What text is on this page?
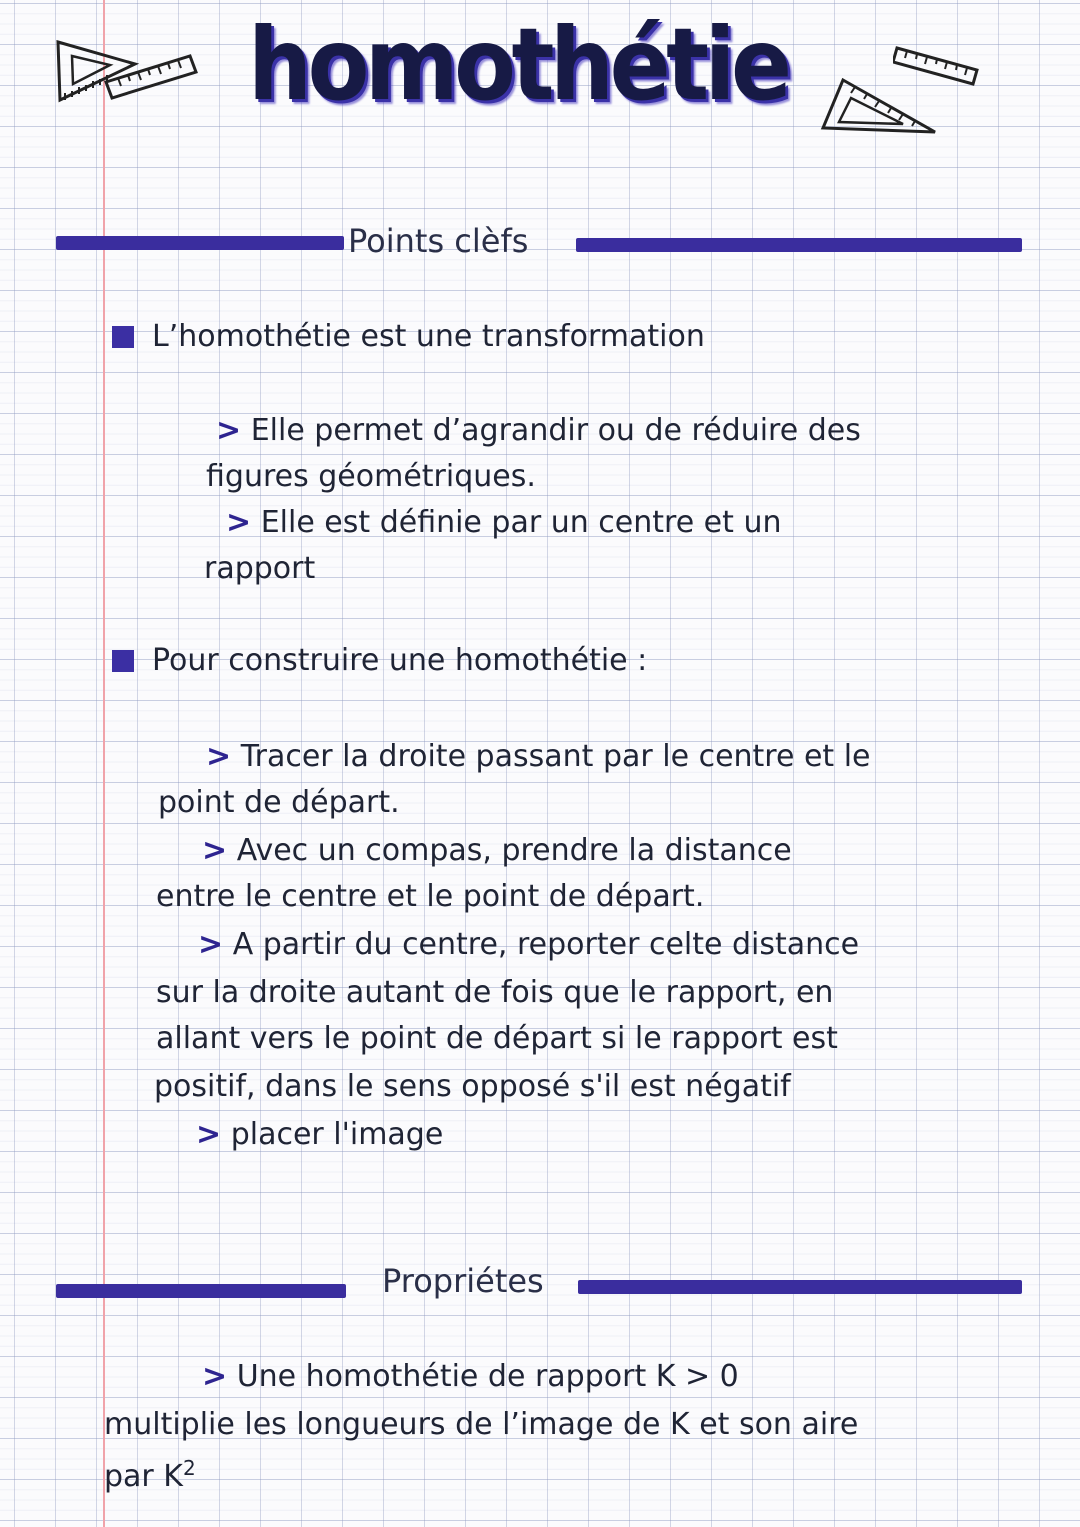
homothétie
Points clèfs
L’homothétie est une transformation
> Elle permet d’agrandir ou de réduire des
figures géométriques.
> Elle est définie par un centre et un
rapport
Pour construire une homothétie :
> Tracer la droite passant par le centre et le
point de départ.
> Avec un compas, prendre la distance
entre le centre et le point de départ.
> A partir du centre, reporter celte distance
sur la droite autant de fois que le rapport, en
allant vers le point de départ si le rapport est
positif, dans le sens opposé s'il est négatif
> placer l'image
Propriétes
> Une homothétie de rapport K > 0
multiplie les longueurs de l’image de K et son aire
par $K^2$
